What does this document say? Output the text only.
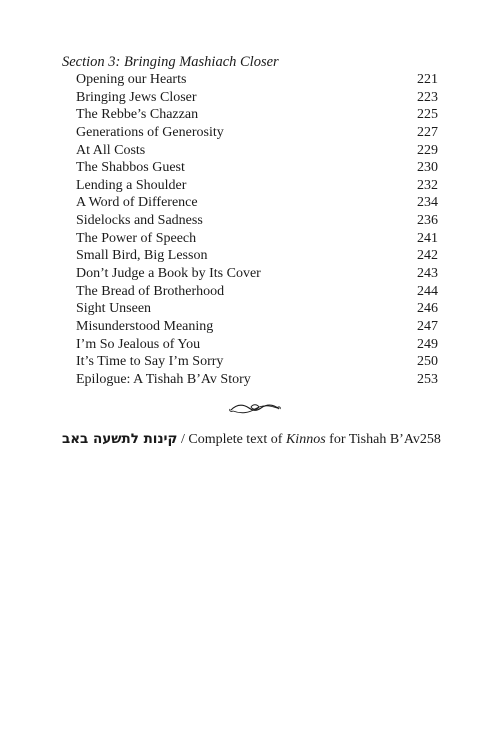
Section 3: Bringing Mashiach Closer
Opening our Hearts	221
Bringing Jews Closer	223
The Rebbe’s Chazzan	225
Generations of Generosity	227
At All Costs	229
The Shabbos Guest	230
Lending a Shoulder	232
A Word of Difference	234
Sidelocks and Sadness	236
The Power of Speech	241
Small Bird, Big Lesson	242
Don’t Judge a Book by Its Cover	243
The Bread of Brotherhood	244
Sight Unseen	246
Misunderstood Meaning	247
I’m So Jealous of You	249
It’s Time to Say I’m Sorry	250
Epilogue: A Tishah B’Av Story	253
קינות לתשעה באב / Complete text of Kinnos for Tishah B’Av 258
